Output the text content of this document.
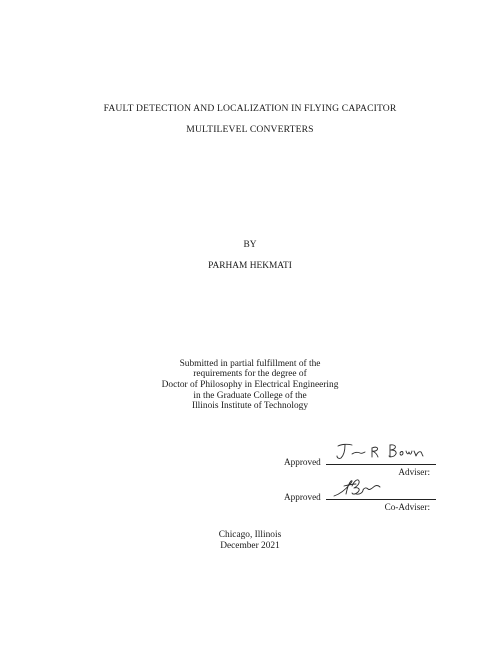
FAULT DETECTION AND LOCALIZATION IN FLYING CAPACITOR
MULTILEVEL CONVERTERS
BY
PARHAM HEKMATI
Submitted in partial fulfillment of the
requirements for the degree of
Doctor of Philosophy in Electrical Engineering
in the Graduate College of the
Illinois Institute of Technology
Approved
Adviser:
Approved
Co-Adviser:
Chicago, Illinois
December 2021
